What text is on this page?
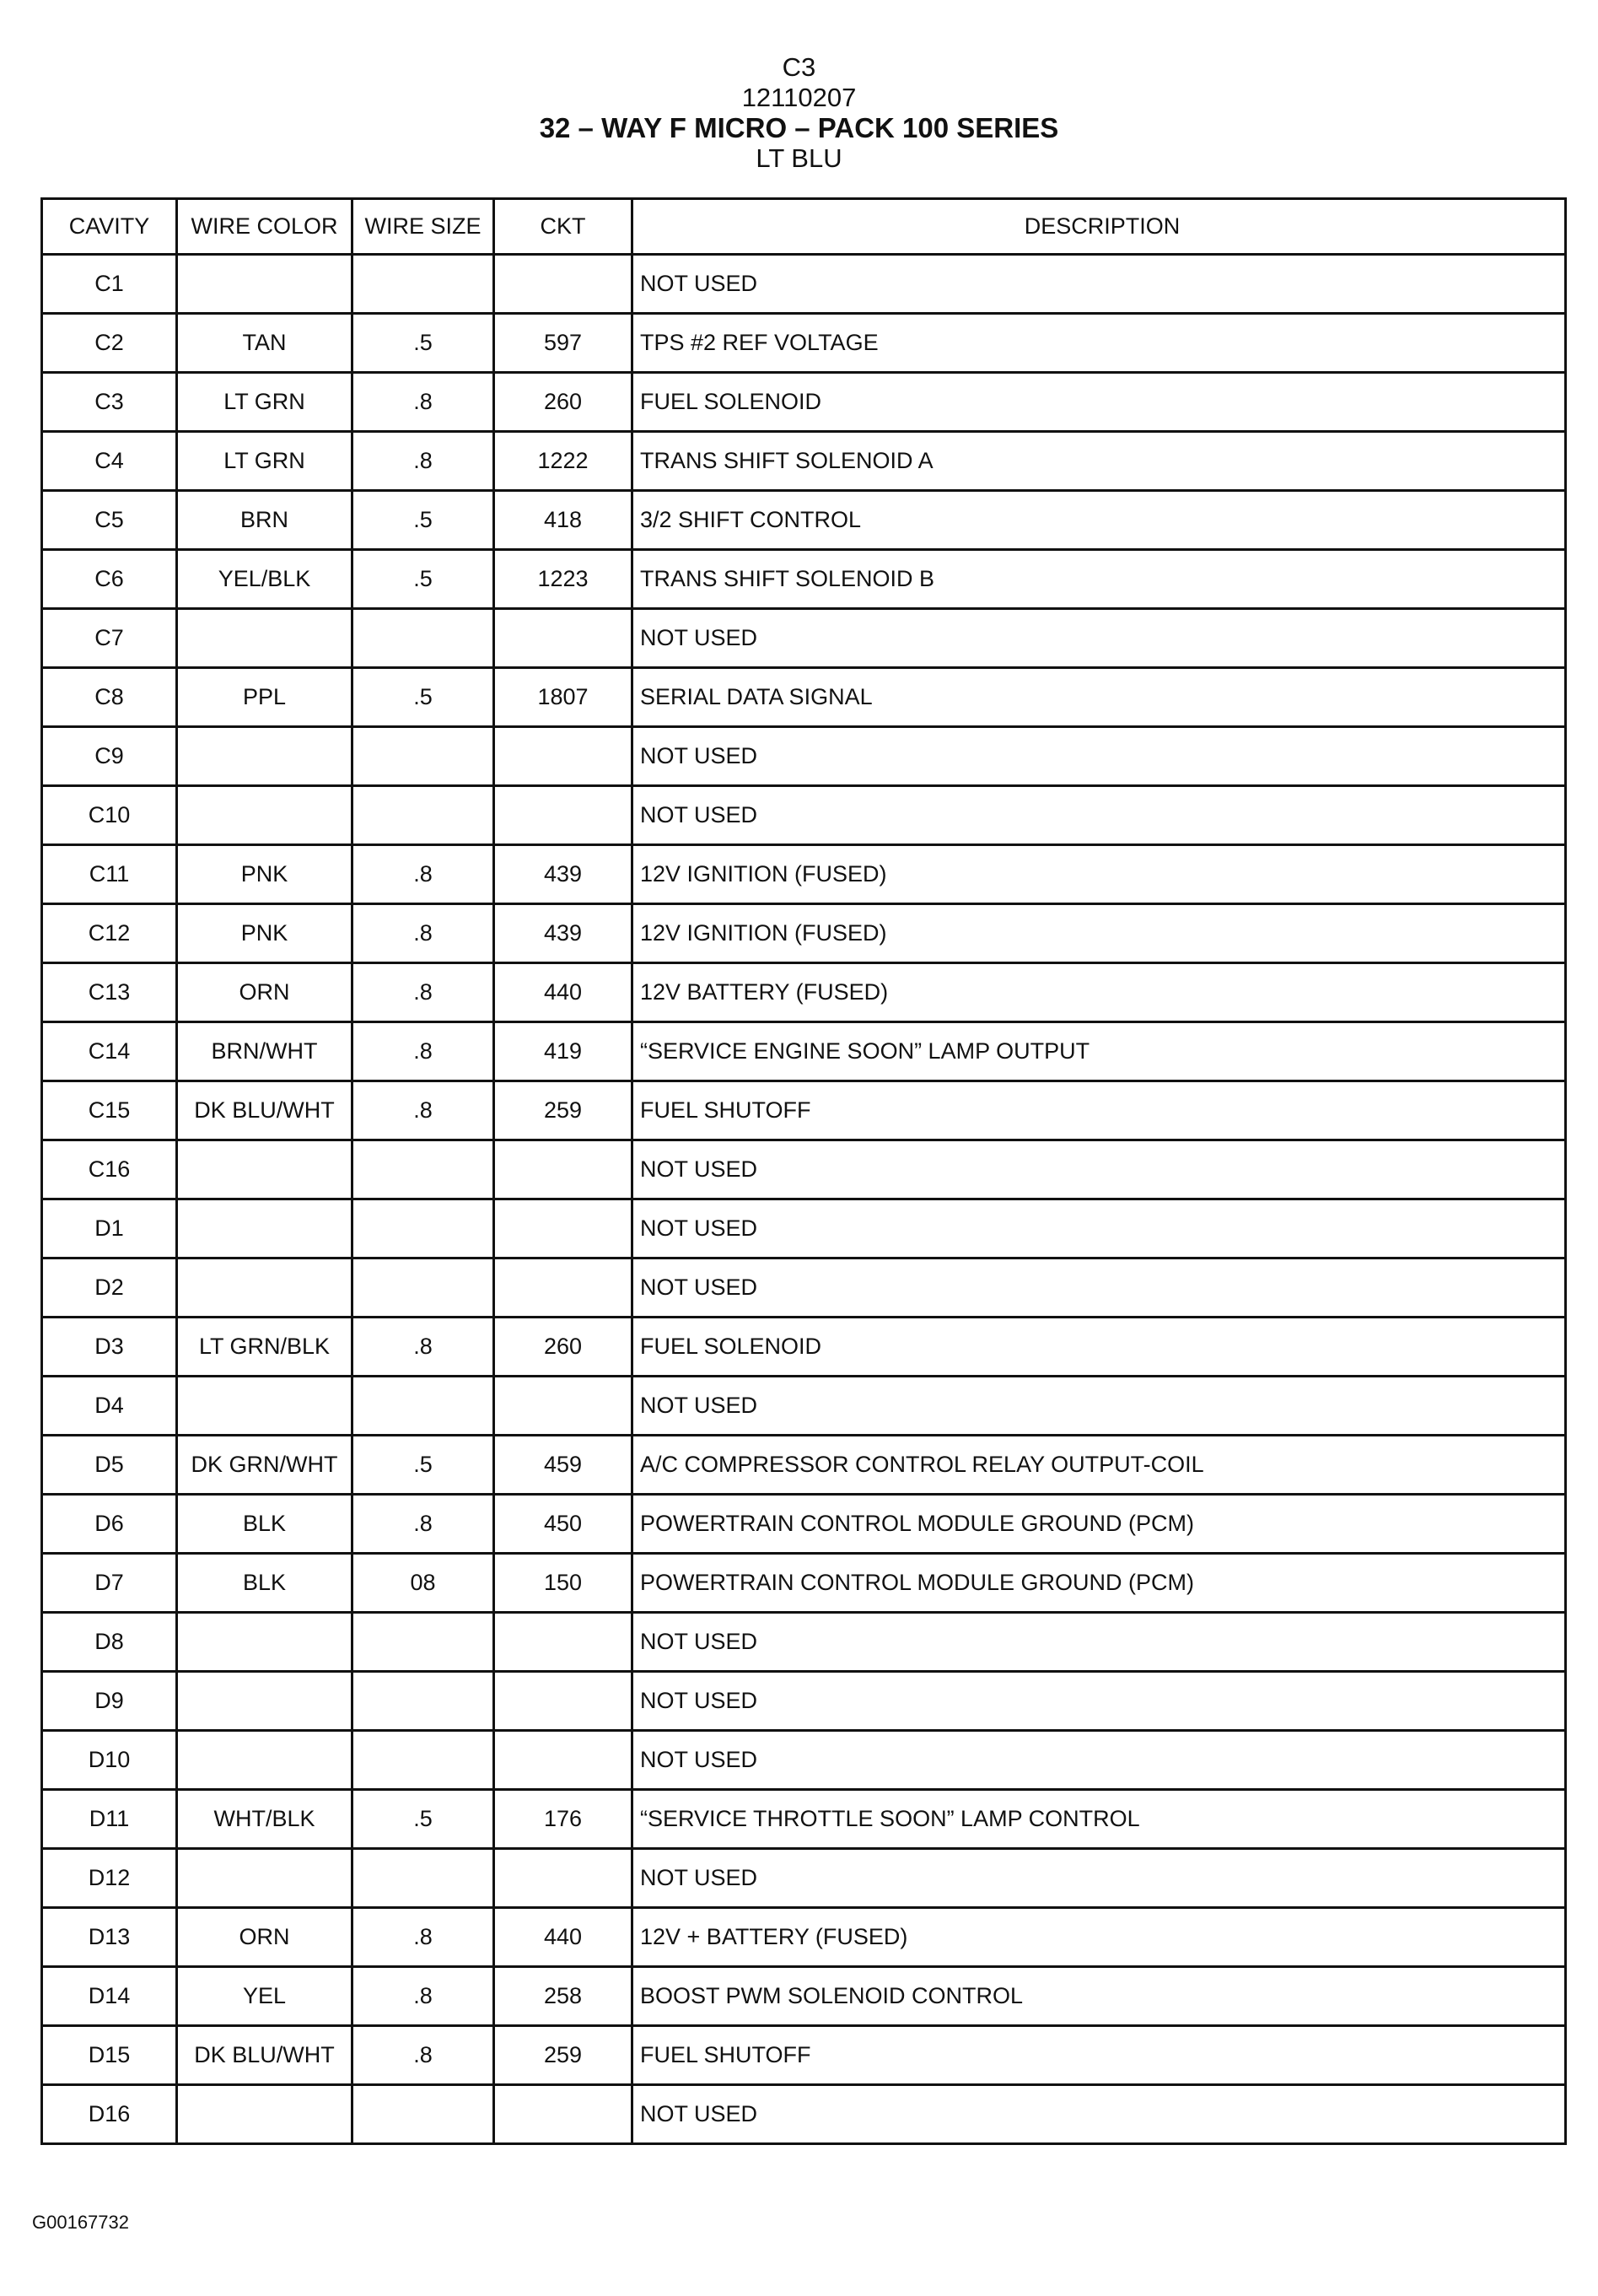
C3
12110207
32 – WAY F MICRO – PACK 100 SERIES
LT BLU
CAVITY	WIRE COLOR	WIRE SIZE	CKT	DESCRIPTION
C1				NOT USED
C2	TAN	.5	597	TPS #2 REF VOLTAGE
C3	LT GRN	.8	260	FUEL SOLENOID
C4	LT GRN	.8	1222	TRANS SHIFT SOLENOID A
C5	BRN	.5	418	3/2 SHIFT CONTROL
C6	YEL/BLK	.5	1223	TRANS SHIFT SOLENOID B
C7				NOT USED
C8	PPL	.5	1807	SERIAL DATA SIGNAL
C9				NOT USED
C10				NOT USED
C11	PNK	.8	439	12V IGNITION (FUSED)
C12	PNK	.8	439	12V IGNITION (FUSED)
C13	ORN	.8	440	12V BATTERY (FUSED)
C14	BRN/WHT	.8	419	“SERVICE ENGINE SOON” LAMP OUTPUT
C15	DK BLU/WHT	.8	259	FUEL SHUTOFF
C16				NOT USED
D1				NOT USED
D2				NOT USED
D3	LT GRN/BLK	.8	260	FUEL SOLENOID
D4				NOT USED
D5	DK GRN/WHT	.5	459	A/C COMPRESSOR CONTROL RELAY OUTPUT-COIL
D6	BLK	.8	450	POWERTRAIN CONTROL MODULE GROUND (PCM)
D7	BLK	08	150	POWERTRAIN CONTROL MODULE GROUND (PCM)
D8				NOT USED
D9				NOT USED
D10				NOT USED
D11	WHT/BLK	.5	176	“SERVICE THROTTLE SOON” LAMP CONTROL
D12				NOT USED
D13	ORN	.8	440	12V + BATTERY (FUSED)
D14	YEL	.8	258	BOOST PWM SOLENOID CONTROL
D15	DK BLU/WHT	.8	259	FUEL SHUTOFF
D16				NOT USED
G00167732
